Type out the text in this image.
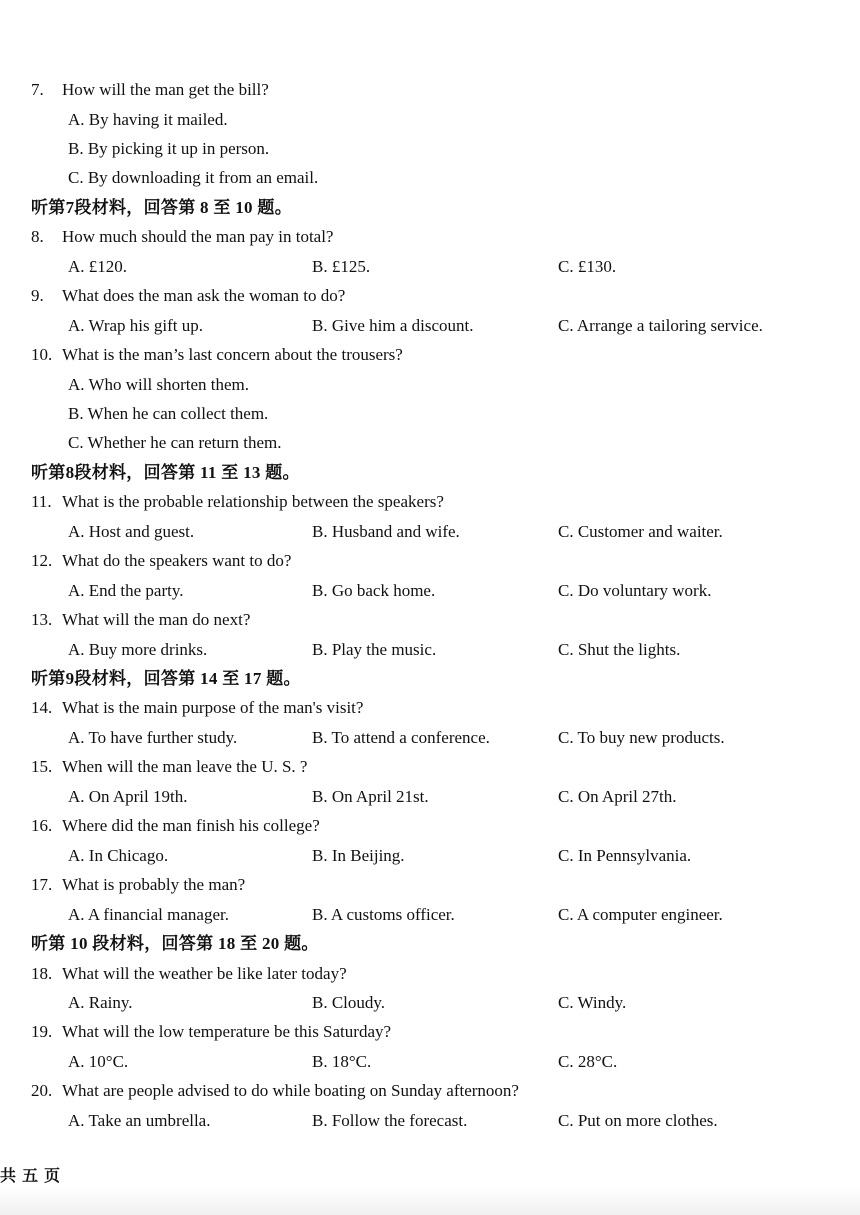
7. How will the man get the bill?
A. By having it mailed.
B. By picking it up in person.
C. By downloading it from an email.
听第7段材料，回答第 8 至 10 题。
8. How much should the man pay in total?
A. £120.	B. £125.	C. £130.
9. What does the man ask the woman to do?
A. Wrap his gift up.	B. Give him a discount.	C. Arrange a tailoring service.
10. What is the man’s last concern about the trousers?
A. Who will shorten them.
B. When he can collect them.
C. Whether he can return them.
听第8段材料，回答第 11 至 13 题。
11. What is the probable relationship between the speakers?
A. Host and guest.	B. Husband and wife.	C. Customer and waiter.
12. What do the speakers want to do?
A. End the party.	B. Go back home.	C. Do voluntary work.
13. What will the man do next?
A. Buy more drinks.	B. Play the music.	C. Shut the lights.
听第9段材料，回答第 14 至 17 题。
14. What is the main purpose of the man's visit?
A. To have further study.	B. To attend a conference.	C. To buy new products.
15. When will the man leave the U. S. ?
A. On April 19th.	B. On April 21st.	C. On April 27th.
16. Where did the man finish his college?
A. In Chicago.	B. In Beijing.	C. In Pennsylvania.
17. What is probably the man?
A. A financial manager.	B. A customs officer.	C. A computer engineer.
听第 10 段材料，回答第 18 至 20 题。
18. What will the weather be like later today?
A. Rainy.	B. Cloudy.	C. Windy.
19. What will the low temperature be this Saturday?
A. 10°C.	B. 18°C.	C. 28°C.
20. What are people advised to do while boating on Sunday afternoon?
A. Take an umbrella.	B. Follow the forecast.	C. Put on more clothes.
共五页
